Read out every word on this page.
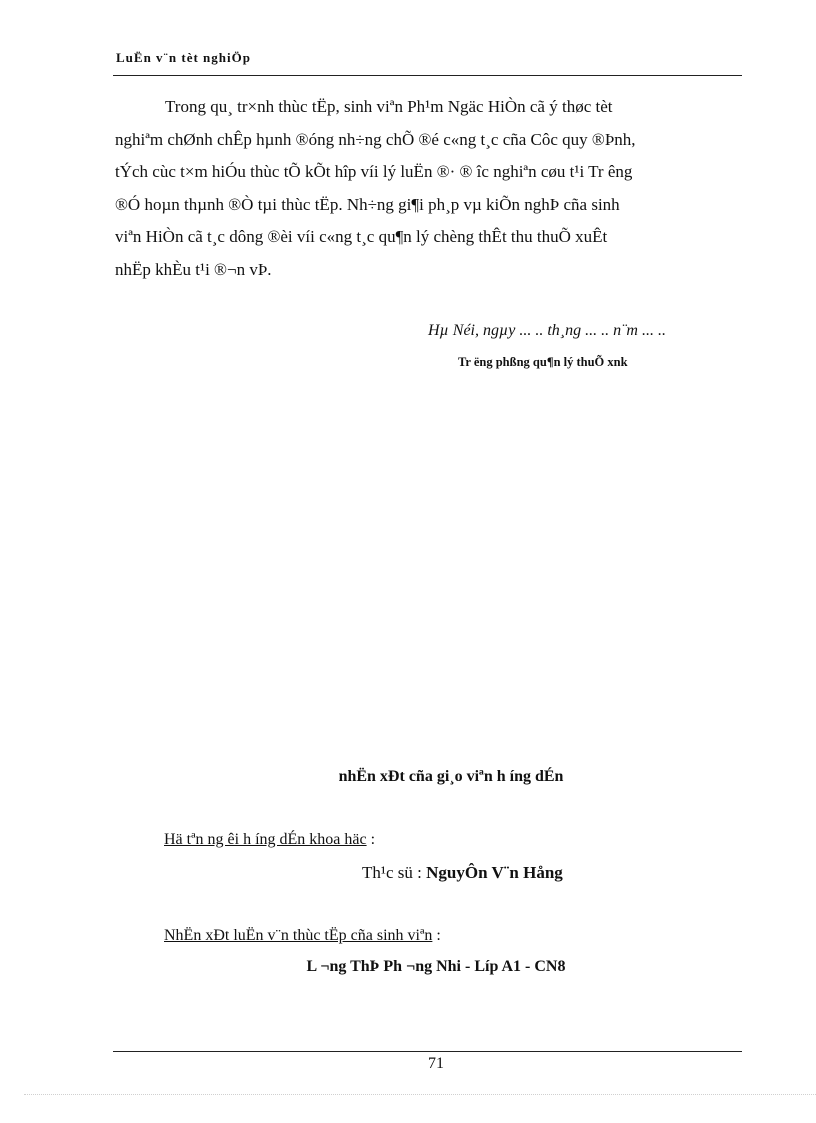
LuËn v¨n tèt nghiÖp
Trong qu¸ tr×nh thùc tËp, sinh viªn Ph¹m Ngäc HiÒn cã ý thøc tèt
nghiªm chØnh chÊp hµnh ®óng nh÷ng chÕ ®é c«ng t¸c cña Côc quy ®Þnh,
tÝch cùc t×m hiÓu thùc tÕ kÕt hîp víi lý luËn ®· ® îc nghiªn cøu t¹i Tr êng
®Ó hoµn thµnh ®Ò tµi thùc tËp. Nh÷ng gi¶i ph¸p vµ kiÕn nghÞ cña sinh
viªn HiÒn cã t¸c dông ®èi víi c«ng t¸c qu¶n lý chèng thÊt thu thuÕ xuÊt
nhËp khÈu t¹i ®¬n vÞ.
Hµ Néi, ngµy ... .. th¸ng ... .. n¨m ... ..
Tr ëng phßng qu¶n lý thuÕ xnk
nhËn xÐt cña gi¸o viªn h íng dÉn
Hä tªn ng êi h íng dÉn khoa häc :
Th¹c sü : NguyÔn V¨n Hång
NhËn xÐt luËn v¨n thùc tËp cña sinh viªn :
L ¬ng ThÞ Ph ¬ng Nhi - Líp A1 - CN8
71
